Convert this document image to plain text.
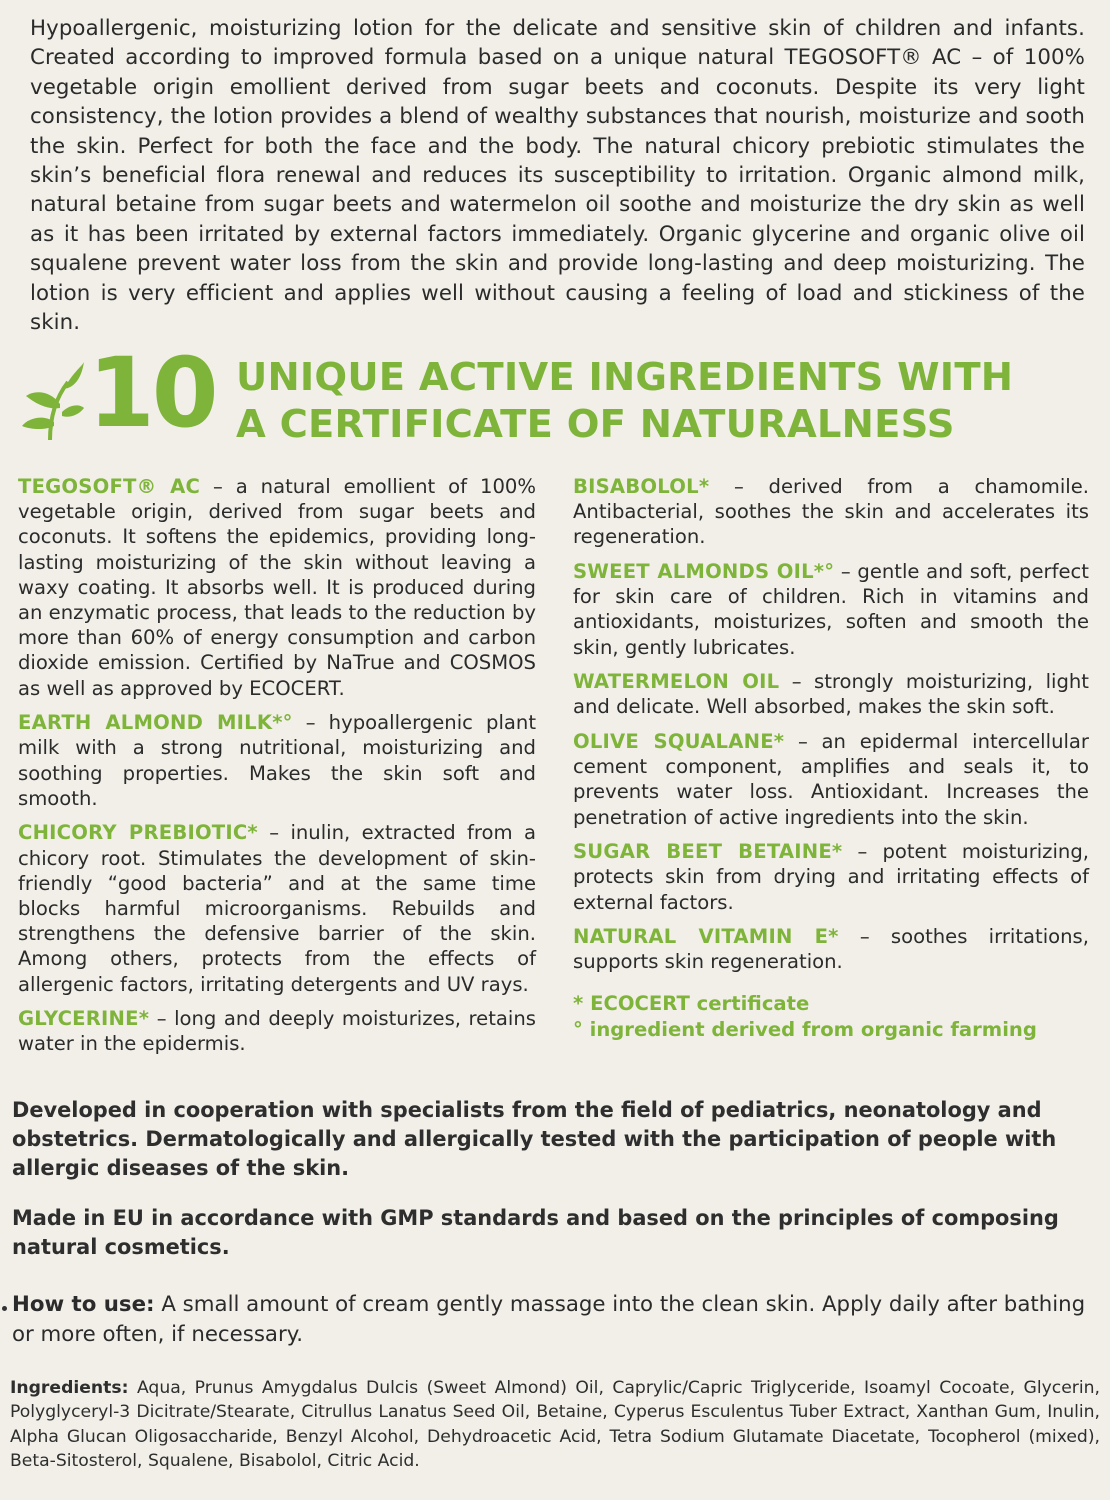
Hypoallergenic, moisturizing lotion for the delicate and sensitive skin of children and infants. Created according to improved formula based on a unique natural TEGOSOFT® AC – of 100% vegetable origin emollient derived from sugar beets and coconuts. Despite its very light consistency, the lotion provides a blend of wealthy substances that nourish, moisturize and sooth the skin. Perfect for both the face and the body. The natural chicory prebiotic stimulates the skin’s beneficial flora renewal and reduces its susceptibility to irritation. Organic almond milk, natural betaine from sugar beets and watermelon oil soothe and moisturize the dry skin as well as it has been irritated by external factors immediately. Organic glycerine and organic olive oil squalene prevent water loss from the skin and provide long-lasting and deep moisturizing. The lotion is very efficient and applies well without causing a feeling of load and stickiness of the skin.

10 UNIQUE ACTIVE INGREDIENTS WITH
A CERTIFICATE OF NATURALNESS

TEGOSOFT® AC – a natural emollient of 100% vegetable origin, derived from sugar beets and coconuts. It softens the epidemics, providing long-lasting moisturizing of the skin without leaving a waxy coating. It absorbs well. It is produced during an enzymatic process, that leads to the reduction by more than 60% of energy consumption and carbon dioxide emission. Certified by NaTrue and COSMOS as well as approved by ECOCERT.

EARTH ALMOND MILK*° – hypoallergenic plant milk with a strong nutritional, moisturizing and soothing properties. Makes the skin soft and smooth.

CHICORY PREBIOTIC* – inulin, extracted from a chicory root. Stimulates the development of skin-friendly “good bacteria” and at the same time blocks harmful microorganisms. Rebuilds and strengthens the defensive barrier of the skin. Among others, protects from the effects of allergenic factors, irritating detergents and UV rays.

GLYCERINE* – long and deeply moisturizes, retains water in the epidermis.

BISABOLOL* – derived from a chamomile. Antibacterial, soothes the skin and accelerates its regeneration.

SWEET ALMONDS OIL*° – gentle and soft, perfect for skin care of children. Rich in vitamins and antioxidants, moisturizes, soften and smooth the skin, gently lubricates.

WATERMELON OIL – strongly moisturizing, light and delicate. Well absorbed, makes the skin soft.

OLIVE SQUALANE* – an epidermal intercellular cement component, amplifies and seals it, to prevents water loss. Antioxidant. Increases the penetration of active ingredients into the skin.

SUGAR BEET BETAINE* – potent moisturizing, protects skin from drying and irritating effects of external factors.

NATURAL VITAMIN E* – soothes irritations, supports skin regeneration.

* ECOCERT certificate
° ingredient derived from organic farming

Developed in cooperation with specialists from the field of pediatrics, neonatology and obstetrics. Dermatologically and allergically tested with the participation of people with allergic diseases of the skin.

Made in EU in accordance with GMP standards and based on the principles of composing natural cosmetics.

How to use: A small amount of cream gently massage into the clean skin. Apply daily after bathing or more often, if necessary.

Ingredients: Aqua, Prunus Amygdalus Dulcis (Sweet Almond) Oil, Caprylic/Capric Triglyceride, Isoamyl Cocoate, Glycerin, Polyglyceryl-3 Dicitrate/Stearate, Citrullus Lanatus Seed Oil, Betaine, Cyperus Esculentus Tuber Extract, Xanthan Gum, Inulin, Alpha Glucan Oligosaccharide, Benzyl Alcohol, Dehydroacetic Acid, Tetra Sodium Glutamate Diacetate, Tocopherol (mixed), Beta-Sitosterol, Squalene, Bisabolol, Citric Acid.
